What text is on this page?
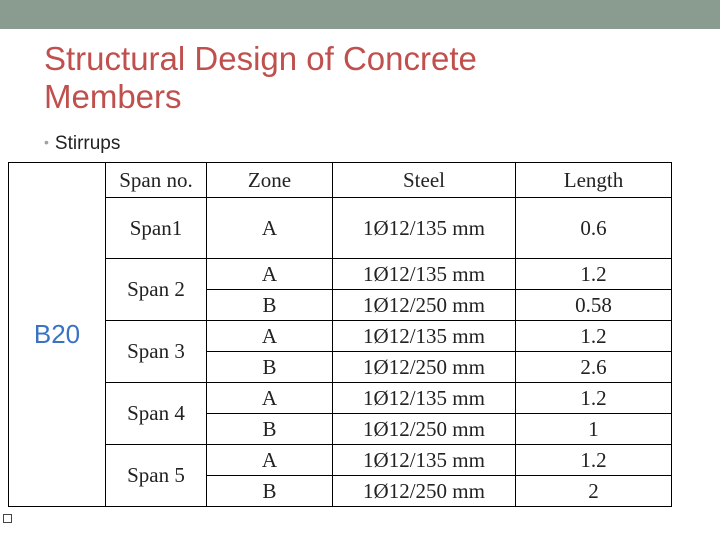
Structural Design of Concrete Members
• Stirrups
B20	Span no.	Zone	Steel	Length
	Span1	A	1Ø12/135 mm	0.6
	Span 2	A	1Ø12/135 mm	1.2
		B	1Ø12/250 mm	0.58
	Span 3	A	1Ø12/135 mm	1.2
		B	1Ø12/250 mm	2.6
	Span 4	A	1Ø12/135 mm	1.2
		B	1Ø12/250 mm	1
	Span 5	A	1Ø12/135 mm	1.2
		B	1Ø12/250 mm	2
